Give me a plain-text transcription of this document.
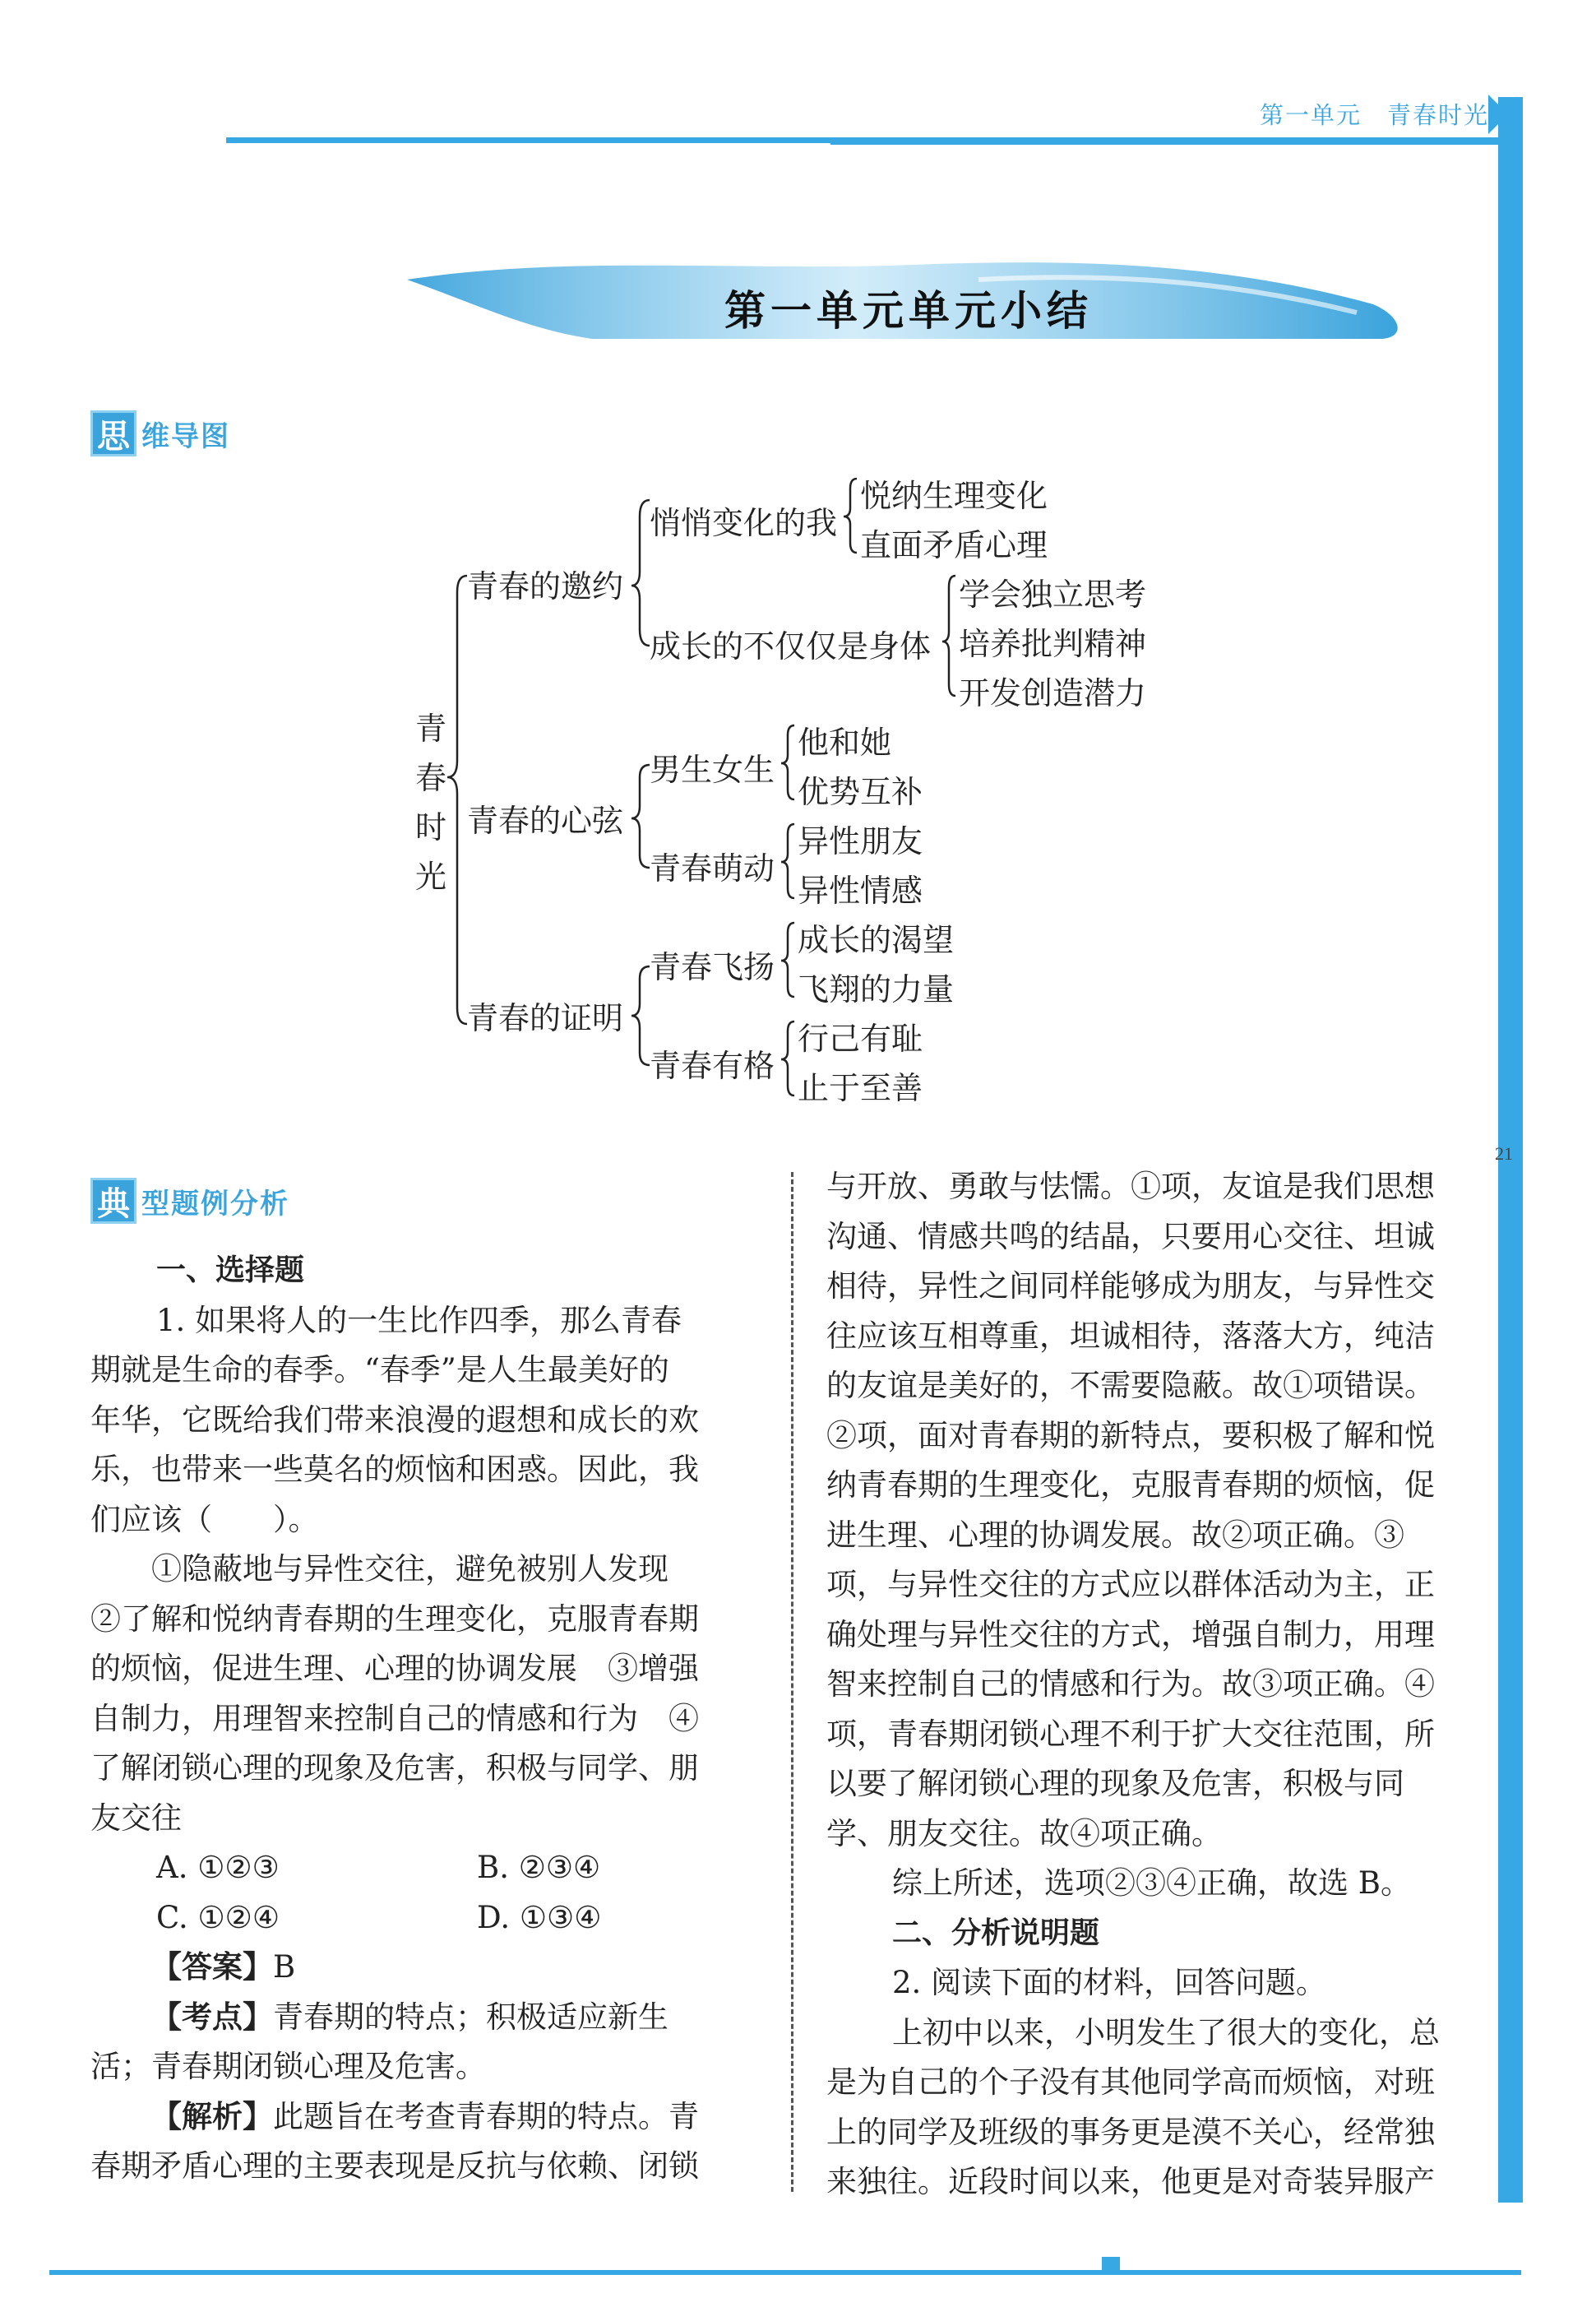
第一单元　青春时光
21
第一单元单元小结
思 维导图
青
春
时
光
青春的邀约
青春的心弦
青春的证明
悄悄变化的我
成长的不仅仅是身体
男生女生
青春萌动
青春飞扬
青春有格
悦纳生理变化
直面矛盾心理
学会独立思考
培养批判精神
开发创造潜力
他和她
优势互补
异性朋友
异性情感
成长的渴望
飞翔的力量
行己有耻
止于至善
典 型题例分析

一、选择题

1. 如果将人的一生比作四季，那么青春

期就是生命的春季。“春季”是人生最美好的

年华，它既给我们带来浪漫的遐想和成长的欢

乐，也带来一些莫名的烦恼和困惑。因此，我

们应该（　　）。

①隐蔽地与异性交往，避免被别人发现

②了解和悦纳青春期的生理变化，克服青春期

的烦恼，促进生理、心理的协调发展　③增强

自制力，用理智来控制自己的情感和行为　④

了解闭锁心理的现象及危害，积极与同学、朋

友交往

A. ①②③	B. ②③④
C. ①②④	D. ①③④

【答案】B

【考点】青春期的特点；积极适应新生

活；青春期闭锁心理及危害。

【解析】此题旨在考查青春期的特点。青

春期矛盾心理的主要表现是反抗与依赖、闭锁

与开放、勇敢与怯懦。①项，友谊是我们思想

沟通、情感共鸣的结晶，只要用心交往、坦诚

相待，异性之间同样能够成为朋友，与异性交

往应该互相尊重，坦诚相待，落落大方，纯洁

的友谊是美好的，不需要隐蔽。故①项错误。

②项，面对青春期的新特点，要积极了解和悦

纳青春期的生理变化，克服青春期的烦恼，促

进生理、心理的协调发展。故②项正确。③

项，与异性交往的方式应以群体活动为主，正

确处理与异性交往的方式，增强自制力，用理

智来控制自己的情感和行为。故③项正确。④

项，青春期闭锁心理不利于扩大交往范围，所

以要了解闭锁心理的现象及危害，积极与同

学、朋友交往。故④项正确。

综上所述，选项②③④正确，故选 B。

二、分析说明题

2. 阅读下面的材料，回答问题。

上初中以来，小明发生了很大的变化，总

是为自己的个子没有其他同学高而烦恼，对班

上的同学及班级的事务更是漠不关心，经常独

来独往。近段时间以来，他更是对奇装异服产
